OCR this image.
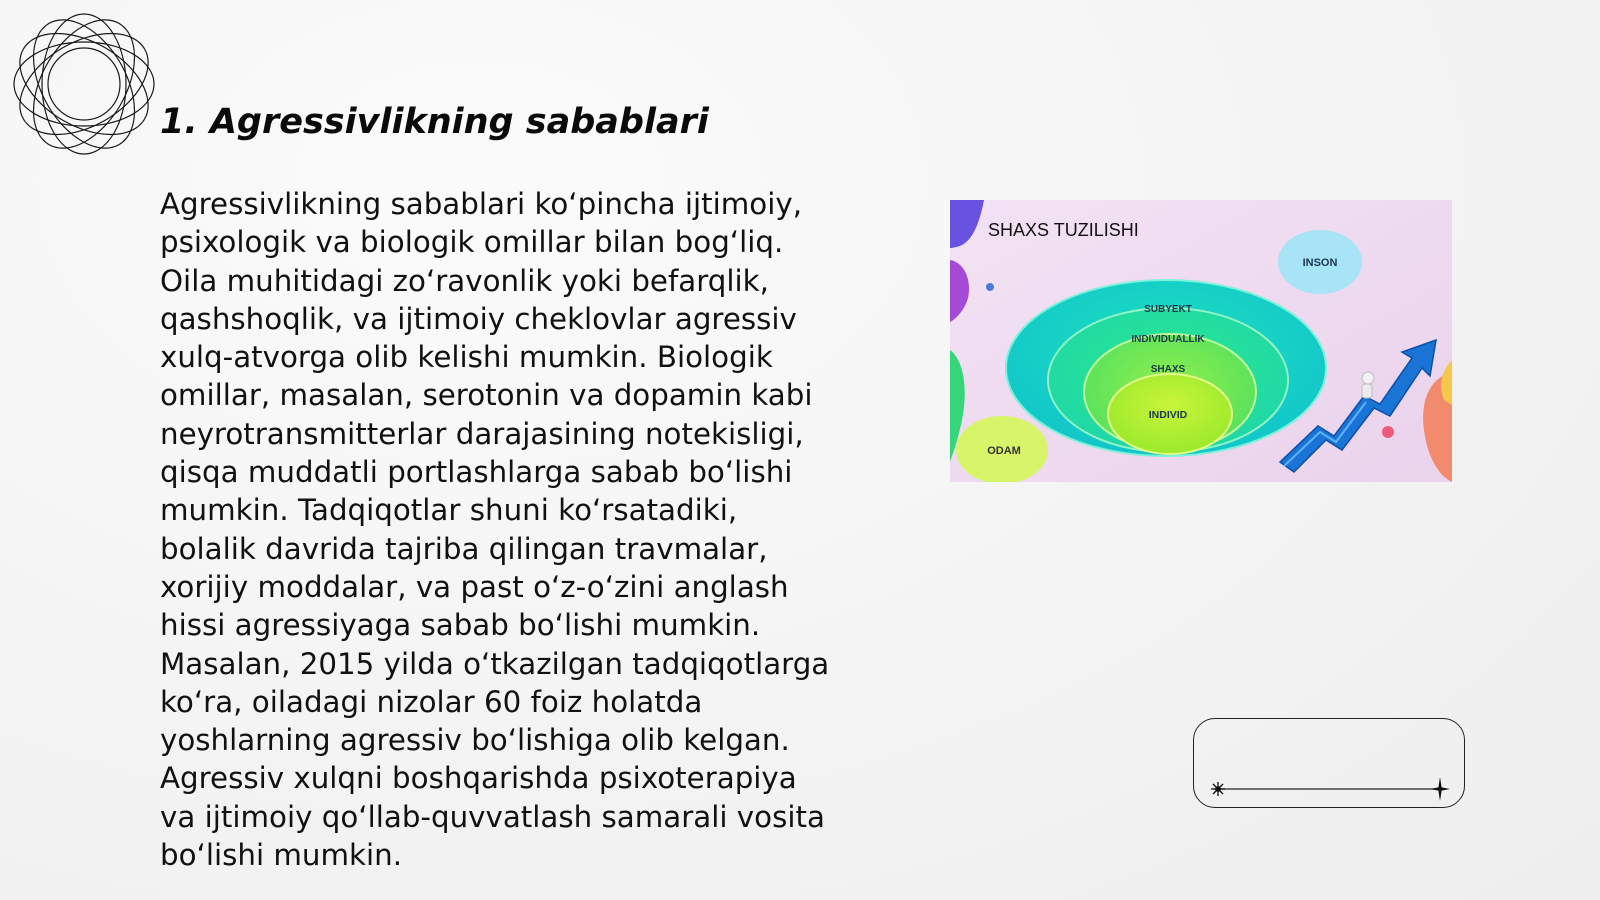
1. Agressivlikning sabablari

Agressivlikning sabablari koʻpincha ijtimoiy,
psixologik va biologik omillar bilan bogʻliq.
Oila muhitidagi zoʻravonlik yoki befarqlik,
qashshoqlik, va ijtimoiy cheklovlar agressiv
xulq-atvorga olib kelishi mumkin. Biologik
omillar, masalan, serotonin va dopamin kabi
neyrotransmitterlar darajasining notekisligi,
qisqa muddatli portlashlarga sabab boʻlishi
mumkin. Tadqiqotlar shuni koʻrsatadiki,
bolalik davrida tajriba qilingan travmalar,
xorijiy moddalar, va past oʻz-oʻzini anglash
hissi agressiyaga sabab boʻlishi mumkin.
Masalan, 2015 yilda oʻtkazilgan tadqiqotlarga
koʻra, oiladagi nizolar 60 foiz holatda
yoshlarning agressiv boʻlishiga olib kelgan.
Agressiv xulqni boshqarishda psixoterapiya
va ijtimoiy qoʻllab-quvvatlash samarali vosita
boʻlishi mumkin.

INSON
ODAM
SUBYEKT
INDIVIDUALLIK
SHAXS
INDIVID
SHAXS TUZILISHI
